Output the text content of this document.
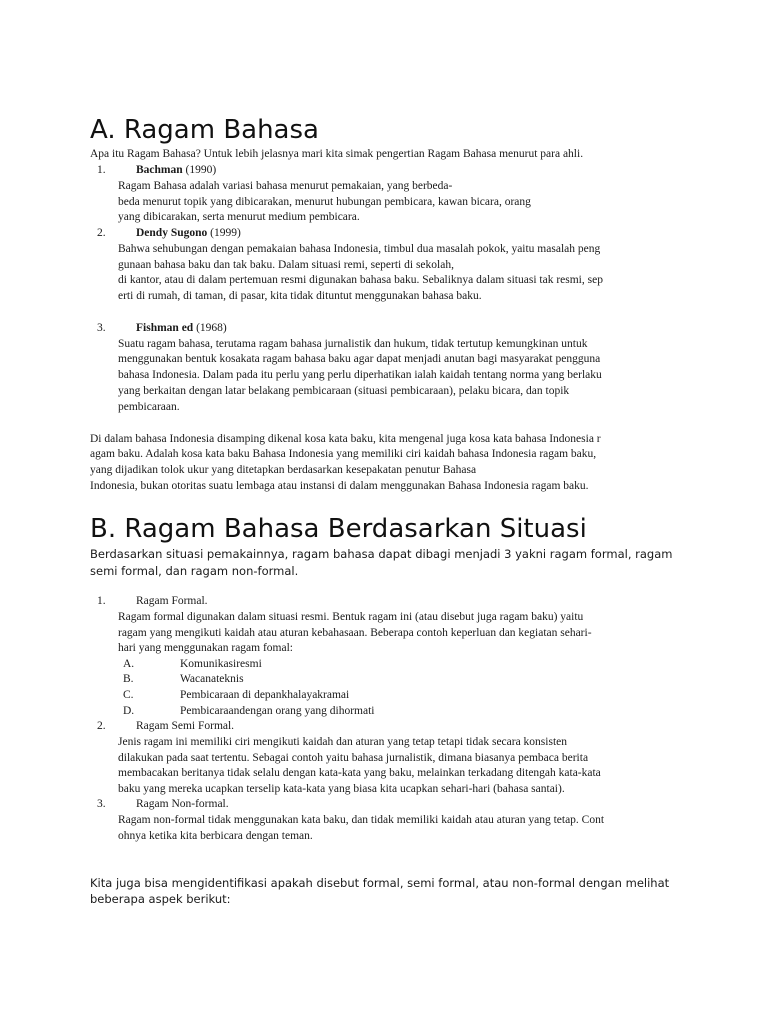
A. Ragam Bahasa
Apa itu Ragam Bahasa? Untuk lebih jelasnya mari kita simak pengertian Ragam Bahasa menurut para ahli.
1.	Bachman (1990)
Ragam Bahasa adalah variasi bahasa menurut pemakaian, yang berbeda-
beda menurut topik yang dibicarakan, menurut hubungan pembicara, kawan bicara, orang
yang dibicarakan, serta menurut medium pembicara.
2.	Dendy Sugono (1999)
Bahwa sehubungan dengan pemakaian bahasa Indonesia, timbul dua masalah pokok, yaitu masalah peng
gunaan bahasa baku dan tak baku. Dalam situasi remi, seperti di sekolah,
di kantor, atau di dalam pertemuan resmi digunakan bahasa baku. Sebaliknya dalam situasi tak resmi, sep
erti di rumah, di taman, di pasar, kita tidak dituntut menggunakan bahasa baku.
3.	Fishman ed (1968)
Suatu ragam bahasa, terutama ragam bahasa jurnalistik dan hukum, tidak tertutup kemungkinan untuk
menggunakan bentuk kosakata ragam bahasa baku agar dapat menjadi anutan bagi masyarakat pengguna
bahasa Indonesia. Dalam pada itu perlu yang perlu diperhatikan ialah kaidah tentang norma yang berlaku
yang berkaitan dengan latar belakang pembicaraan (situasi pembicaraan), pelaku bicara, dan topik
pembicaraan.
Di dalam bahasa Indonesia disamping dikenal kosa kata baku, kita mengenal juga kosa kata bahasa Indonesia r
agam baku. Adalah kosa kata baku Bahasa Indonesia yang memiliki ciri kaidah bahasa Indonesia ragam baku,
yang dijadikan tolok ukur yang ditetapkan berdasarkan kesepakatan penutur Bahasa
Indonesia, bukan otoritas suatu lembaga atau instansi di dalam menggunakan Bahasa Indonesia ragam baku.
B. Ragam Bahasa Berdasarkan Situasi
Berdasarkan situasi pemakainnya, ragam bahasa dapat dibagi menjadi 3 yakni ragam formal, ragam
semi formal, dan ragam non-formal.
1.	Ragam Formal.
Ragam formal digunakan dalam situasi resmi. Bentuk ragam ini (atau disebut juga ragam baku) yaitu
ragam yang mengikuti kaidah atau aturan kebahasaan. Beberapa contoh keperluan dan kegiatan sehari-
hari yang menggunakan ragam fomal:
A.	Komunikasiresmi
B.	Wacanateknis
C.	Pembicaraan di depankhalayakramai
D.	Pembicaraandengan orang yang dihormati
2.	Ragam Semi Formal.
Jenis ragam ini memiliki ciri mengikuti kaidah dan aturan yang tetap tetapi tidak secara konsisten
dilakukan pada saat tertentu. Sebagai contoh yaitu bahasa jurnalistik, dimana biasanya pembaca berita
membacakan beritanya tidak selalu dengan kata-kata yang baku, melainkan terkadang ditengah kata-kata
baku yang mereka ucapkan terselip kata-kata yang biasa kita ucapkan sehari-hari (bahasa santai).
3.	Ragam Non-formal.
Ragam non-formal tidak menggunakan kata baku, dan tidak memiliki kaidah atau aturan yang tetap. Cont
ohnya ketika kita berbicara dengan teman.
Kita juga bisa mengidentifikasi apakah disebut formal, semi formal, atau non-formal dengan melihat
beberapa aspek berikut:
